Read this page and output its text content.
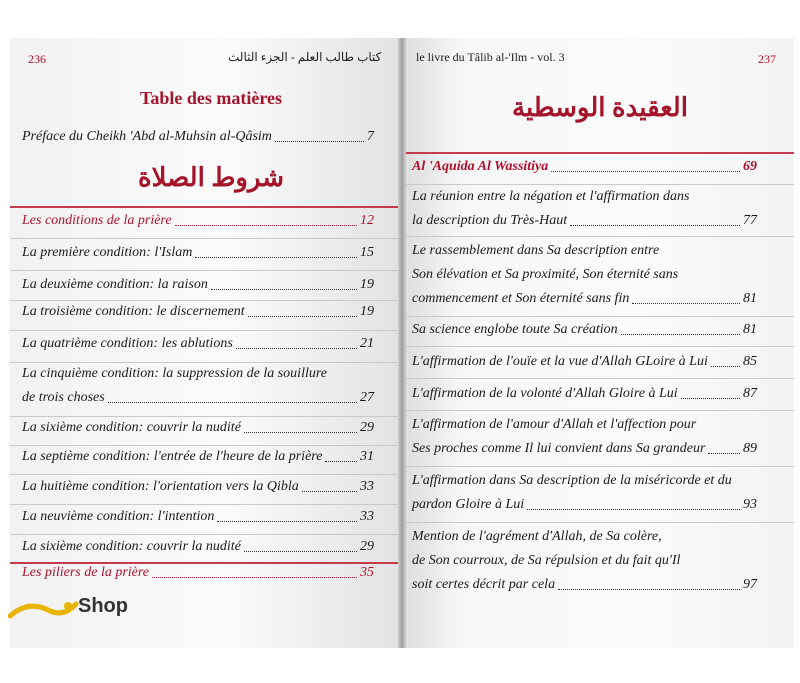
236	كتاب طالب العلم - الجزء الثالث
Table des matières
Préface du Cheikh 'Abd al-Muhsin al-Qâsim	7
شروط الصلاة
Les conditions de la prière	12
La première condition: l'Islam	15
La deuxième condition: la raison	19
La troisième condition: le discernement	19
La quatrième condition: les ablutions	21
La cinquième condition: la suppression de la souillure
de trois choses	27
La sixième condition: couvrir la nudité	29
La septième condition: l'entrée de l'heure de la prière	31
La huitième condition: l'orientation vers la Qibla	33
La neuvième condition: l'intention	33
La sixième condition: couvrir la nudité	29
Les piliers de la prière	35
le livre du Tâlib al-'Ilm - vol. 3	237
العقيدة الوسطية
Al 'Aquida Al Wassitiya	69
La réunion entre la négation et l'affirmation dans
la description du Très-Haut	77
Le rassemblement dans Sa description entre
Son élévation et Sa proximité, Son éternité sans
commencement et Son éternité sans fin	81
Sa science englobe toute Sa création	81
L'affirmation de l'ouïe et la vue d'Allah GLoire à Lui	85
L'affirmation de la volonté d'Allah Gloire à Lui	87
L'affirmation de l'amour d'Allah et l'affection pour
Ses proches comme Il lui convient dans Sa grandeur	89
L'affirmation dans Sa description de la miséricorde et du
pardon Gloire à Lui	93
Mention de l'agrément d'Allah, de Sa colère,
de Son courroux, de Sa répulsion et du fait qu'Il
soit certes décrit par cela	97
Shop
